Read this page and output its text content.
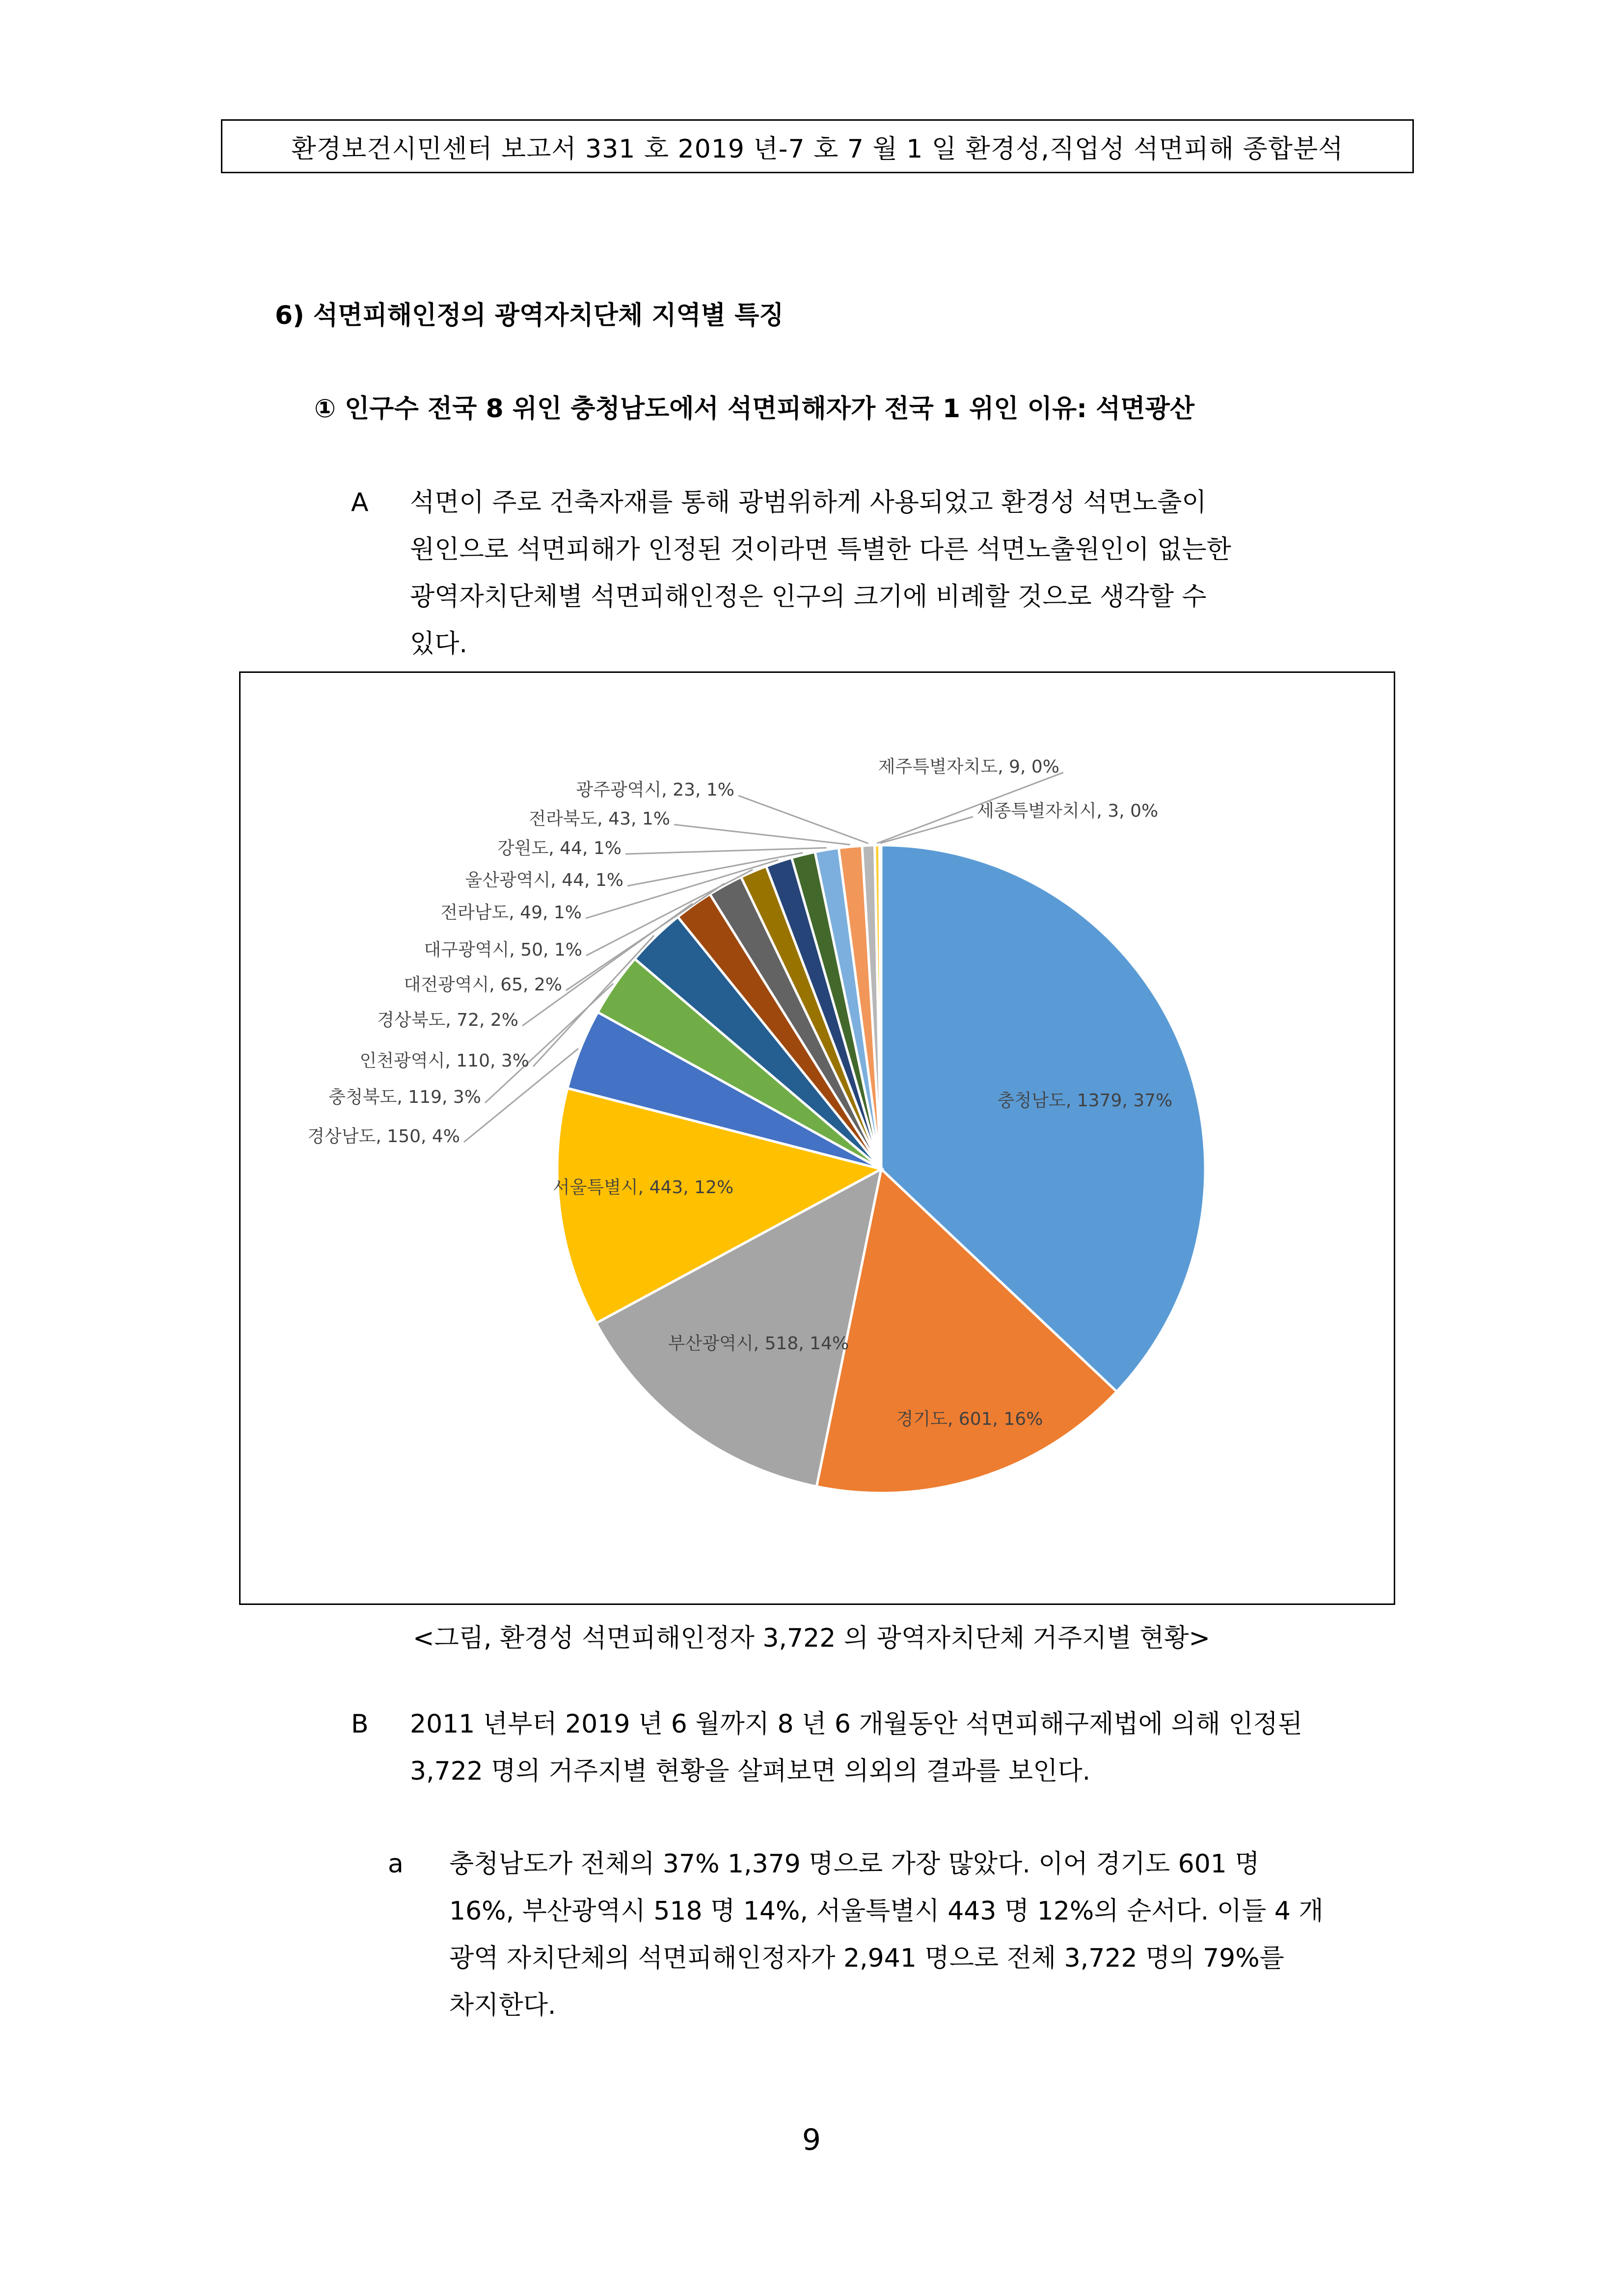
환경보건시민센터 보고서 331 호 2019 년-7 호 7 월 1 일 환경성,직업성 석면피해 종합분석
6) 석면피해인정의 광역자치단체 지역별 특징
① 인구수 전국 8 위인 충청남도에서 석면피해자가 전국 1 위인 이유: 석면광산
A 석면이 주로 건축자재를 통해 광범위하게 사용되었고 환경성 석면노출이
원인으로 석면피해가 인정된 것이라면 특별한 다른 석면노출원인이 없는한
광역자치단체별 석면피해인정은 인구의 크기에 비례할 것으로 생각할 수
있다.
충청남도, 1379, 37%
경기도, 601, 16%
부산광역시, 518, 14%
서울특별시, 443, 12%
경상남도, 150, 4%
충청북도, 119, 3%
인천광역시, 110, 3%
경상북도, 72, 2%
대전광역시, 65, 2%
대구광역시, 50, 1%
전라남도, 49, 1%
울산광역시, 44, 1%
강원도, 44, 1%
전라북도, 43, 1%
광주광역시, 23, 1%
제주특별자치도, 9, 0%
세종특별자치시, 3, 0%
<그림, 환경성 석면피해인정자 3,722 의 광역자치단체 거주지별 현황>
B 2011 년부터 2019 년 6 월까지 8 년 6 개월동안 석면피해구제법에 의해 인정된
3,722 명의 거주지별 현황을 살펴보면 의외의 결과를 보인다.
a 충청남도가 전체의 37% 1,379 명으로 가장 많았다. 이어 경기도 601 명
16%, 부산광역시 518 명 14%, 서울특별시 443 명 12%의 순서다. 이들 4 개
광역 자치단체의 석면피해인정자가 2,941 명으로 전체 3,722 명의 79%를
차지한다.
9
